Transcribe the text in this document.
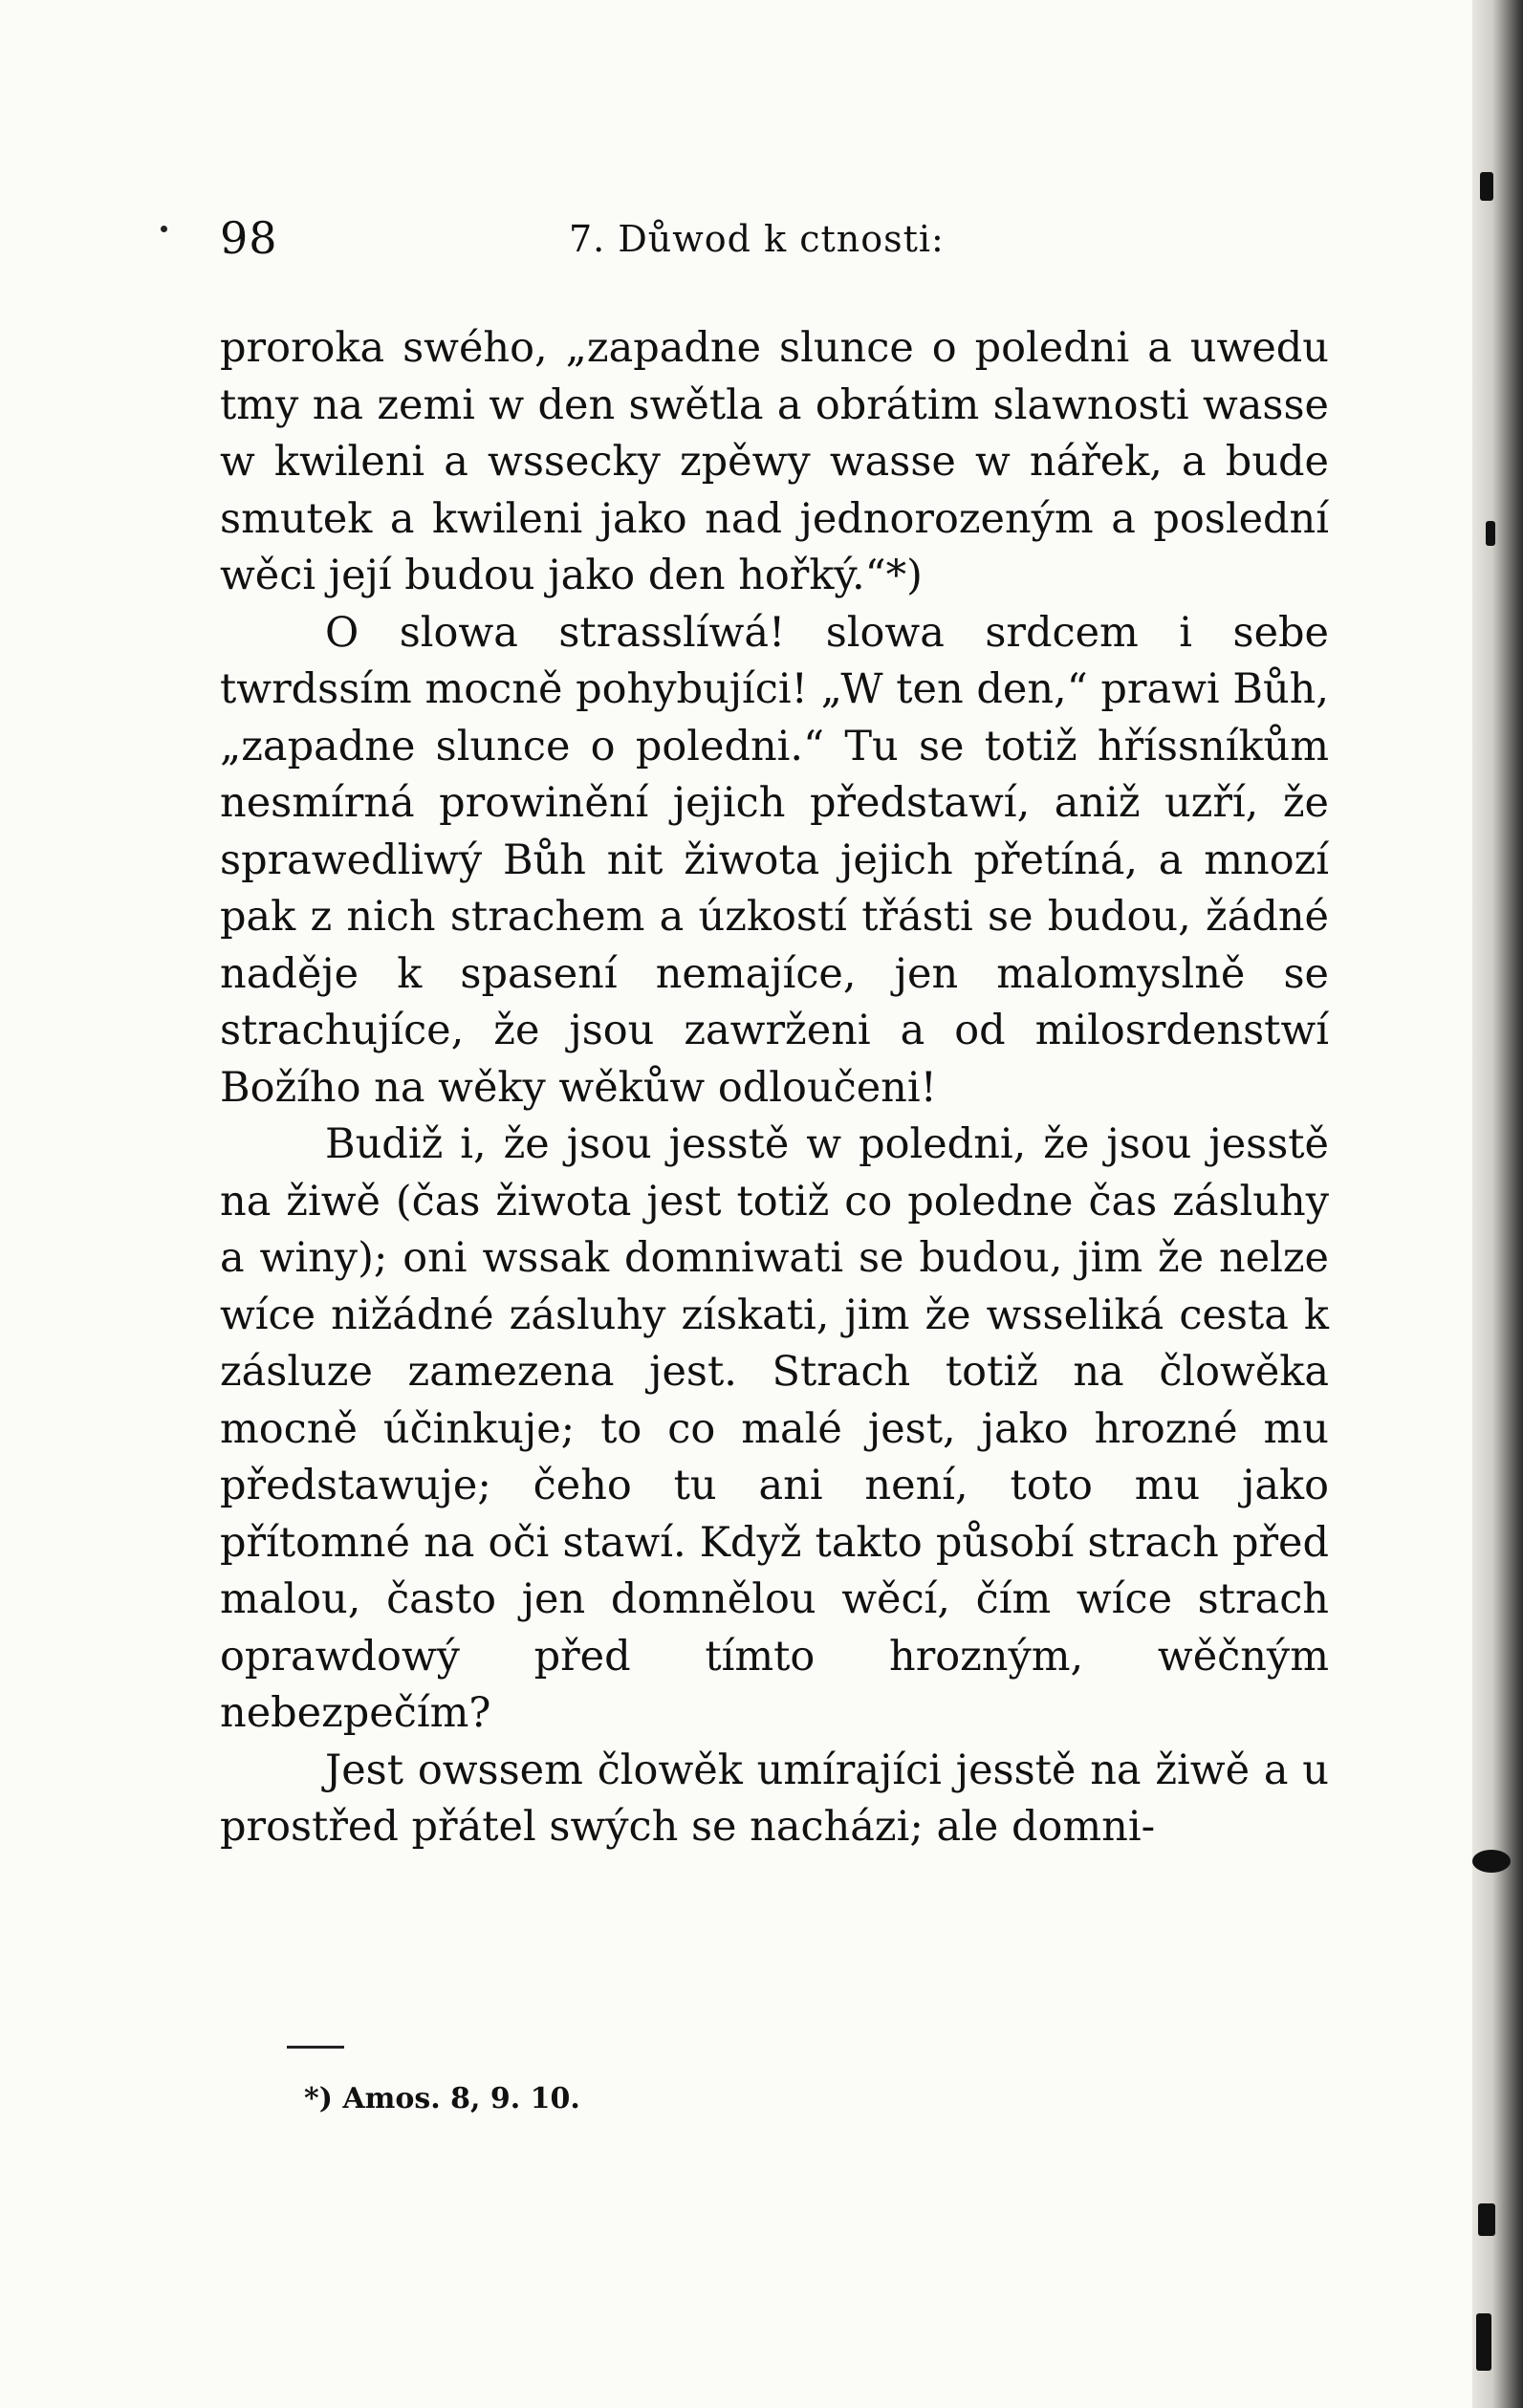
98	7. Důwod k ctnosti:

proroka swého, „zapadne slunce o poledni a uwedu tmy na zemi w den swětla a obrátim slawnosti wasse w kwileni a wssecky zpěwy wasse w nářek, a bude smutek a kwileni jako nad jednorozeným a poslední wěci její budou jako den hořký.“*)

O slowa strasslíwá! slowa srdcem i sebe twrdssím mocně pohybujíci! „W ten den,“ prawi Bůh, „zapadne slunce o poledni.“ Tu se totiž hříssníkům nesmírná prowinění jejich předstawí, aniž uzří, že sprawedliwý Bůh nit žiwota jejich přetíná, a mnozí pak z nich strachem a úzkostí třásti se budou, žádné naděje k spasení nemajíce, jen malomyslně se strachujíce, že jsou zawrženi a od milosrdenstwí Božího na wěky wěkůw odloučeni!

Budiž i, že jsou jesstě w poledni, že jsou jesstě na žiwě (čas žiwota jest totiž co poledne čas zásluhy a winy); oni wssak domniwati se budou, jim že nelze wíce nižádné zásluhy získati, jim že wsseliká cesta k zásluze zamezena jest. Strach totiž na člowěka mocně účinkuje; to co malé jest, jako hrozné mu předstawuje; čeho tu ani není, toto mu jako přítomné na oči stawí. Když takto působí strach před malou, často jen domnělou wěcí, čím wíce strach oprawdowý před tímto hrozným, wěčným nebezpečím?

Jest owssem člowěk umírajíci jesstě na žiwě a u prostřed přátel swých se nacházi; ale domni-

*) Amos. 8, 9. 10.
